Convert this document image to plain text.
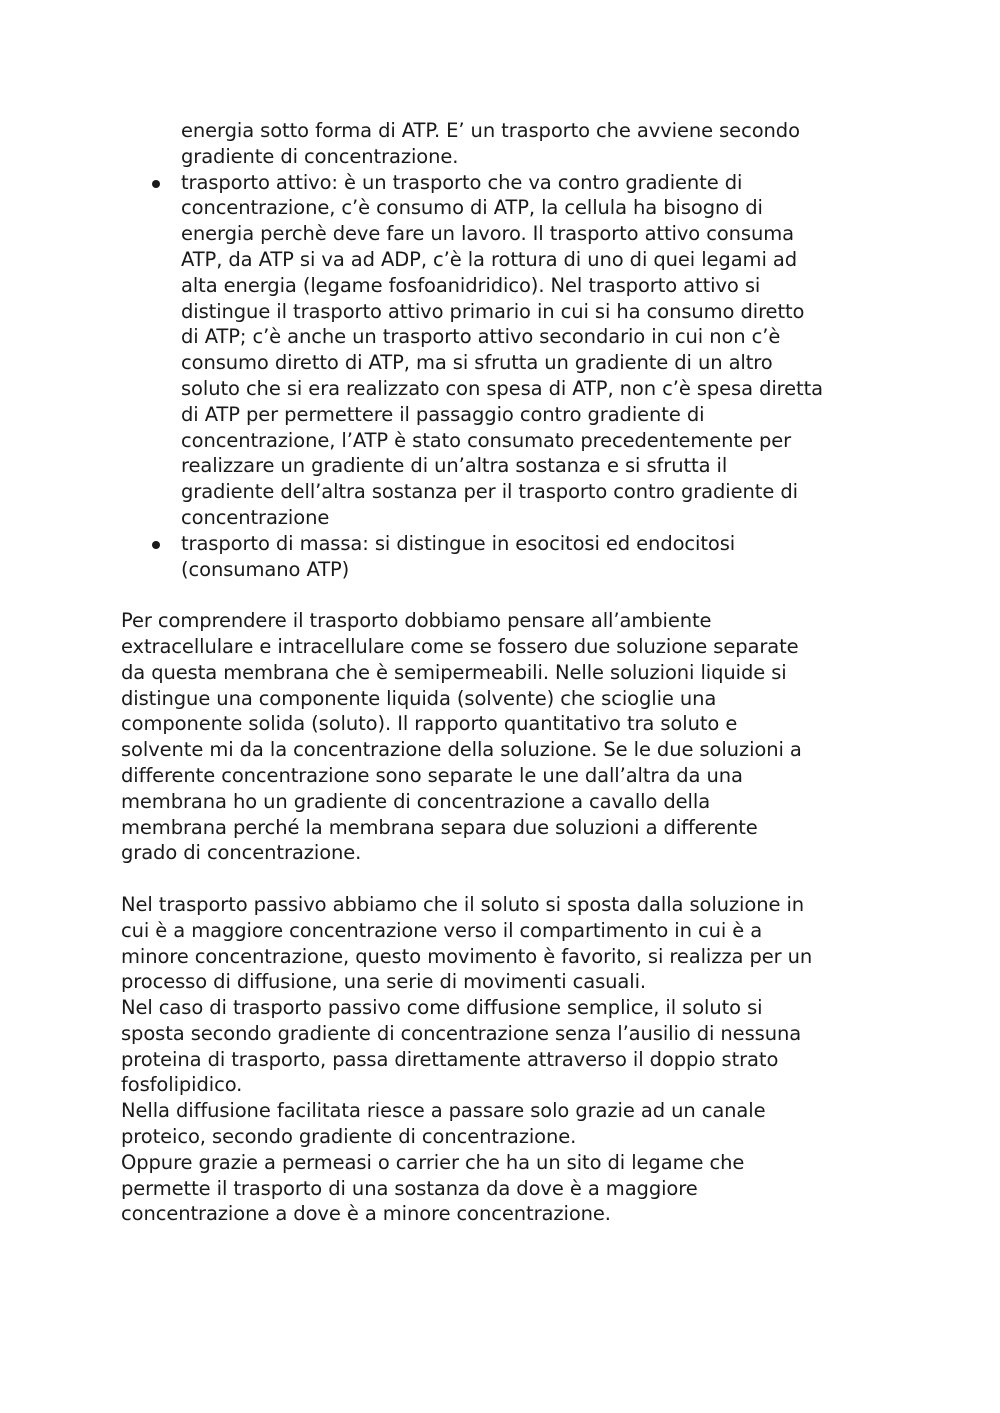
energia sotto forma di ATP. E’ un trasporto che avviene secondo
gradiente di concentrazione.
trasporto attivo: è un trasporto che va contro gradiente di
concentrazione, c’è consumo di ATP, la cellula ha bisogno di
energia perchè deve fare un lavoro. Il trasporto attivo consuma
ATP, da ATP si va ad ADP, c’è la rottura di uno di quei legami ad
alta energia (legame fosfoanidridico). Nel trasporto attivo si
distingue il trasporto attivo primario in cui si ha consumo diretto
di ATP; c’è anche un trasporto attivo secondario in cui non c’è
consumo diretto di ATP, ma si sfrutta un gradiente di un altro
soluto che si era realizzato con spesa di ATP, non c’è spesa diretta
di ATP per permettere il passaggio contro gradiente di
concentrazione, l’ATP è stato consumato precedentemente per
realizzare un gradiente di un’altra sostanza e si sfrutta il
gradiente dell’altra sostanza per il trasporto contro gradiente di
concentrazione
trasporto di massa: si distingue in esocitosi ed endocitosi
(consumano ATP)
Per comprendere il trasporto dobbiamo pensare all’ambiente
extracellulare e intracellulare come se fossero due soluzione separate
da questa membrana che è semipermeabili. Nelle soluzioni liquide si
distingue una componente liquida (solvente) che scioglie una
componente solida (soluto). Il rapporto quantitativo tra soluto e
solvente mi da la concentrazione della soluzione. Se le due soluzioni a
differente concentrazione sono separate le une dall’altra da una
membrana ho un gradiente di concentrazione a cavallo della
membrana perché la membrana separa due soluzioni a differente
grado di concentrazione.
Nel trasporto passivo abbiamo che il soluto si sposta dalla soluzione in
cui è a maggiore concentrazione verso il compartimento in cui è a
minore concentrazione, questo movimento è favorito, si realizza per un
processo di diffusione, una serie di movimenti casuali.
Nel caso di trasporto passivo come diffusione semplice, il soluto si
sposta secondo gradiente di concentrazione senza l’ausilio di nessuna
proteina di trasporto, passa direttamente attraverso il doppio strato
fosfolipidico.
Nella diffusione facilitata riesce a passare solo grazie ad un canale
proteico, secondo gradiente di concentrazione.
Oppure grazie a permeasi o carrier che ha un sito di legame che
permette il trasporto di una sostanza da dove è a maggiore
concentrazione a dove è a minore concentrazione.
